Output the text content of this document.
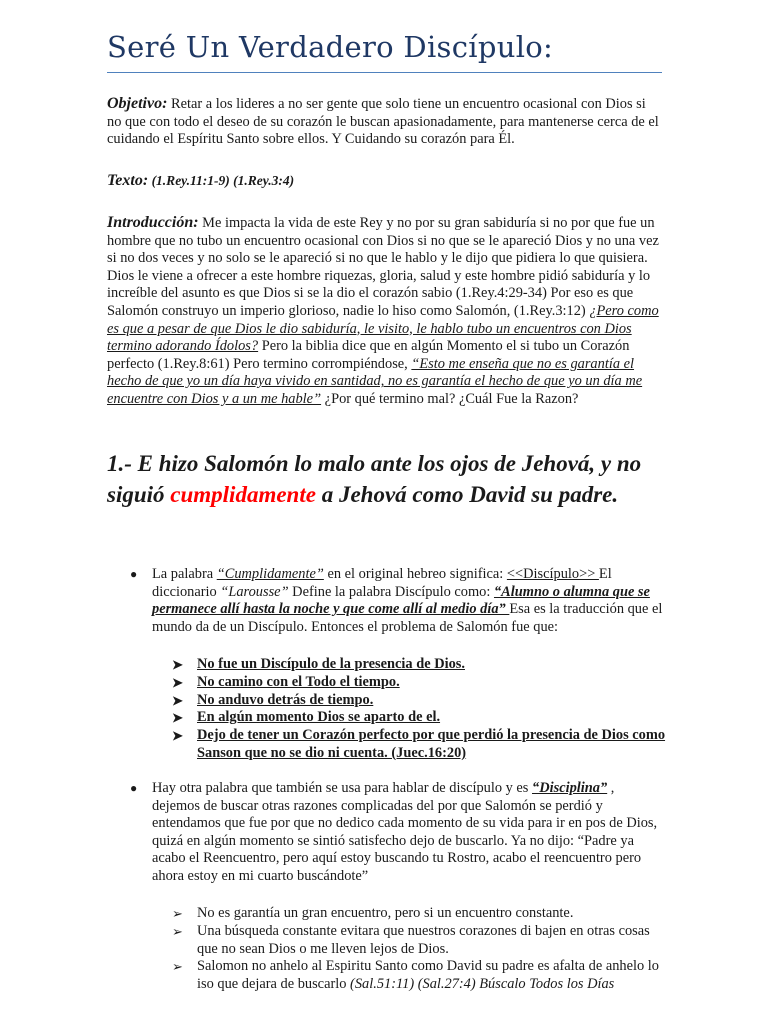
Seré Un Verdadero Discípulo:
Objetivo: Retar a los lideres a no ser gente que solo tiene un encuentro ocasional con Dios si no que con todo el deseo de su corazón le buscan apasionadamente, para mantenerse cerca de el cuidando el Espíritu Santo sobre ellos. Y Cuidando su corazón para Él.
Texto: (1.Rey.11:1-9) (1.Rey.3:4)
Introducción: Me impacta la vida de este Rey y no por su gran sabiduría si no por que fue un hombre que no tubo un encuentro ocasional con Dios si no que se le apareció Dios y no una vez si no dos veces y no solo se le apareció si no que le hablo y le dijo que pidiera lo que quisiera. Dios le viene a ofrecer a este hombre riquezas, gloria, salud y este hombre pidió sabiduría y lo increíble del asunto es que Dios si se la dio el corazón sabio (1.Rey.4:29-34) Por eso es que Salomón construyo un imperio glorioso, nadie lo hiso como Salomón, (1.Rey.3:12) ¿Pero como es que a pesar de que Dios le dio sabiduría, le visito, le hablo tubo un encuentros con Dios termino adorando Ídolos? Pero la biblia dice que en algún Momento el si tubo un Corazón perfecto (1.Rey.8:61) Pero termino corrompiéndose, “Esto me enseña que no es garantía el hecho de que yo un día haya vivido en santidad, no es garantía el hecho de que yo un día me encuentre con Dios y a un me hable” ¿Por qué termino mal? ¿Cuál Fue la Razon?
1.- E hizo Salomón lo malo ante los ojos de Jehová, y no siguió cumplidamente a Jehová como David su padre.
● La palabra “Cumplidamente” en el original hebreo significa: <<Discípulo>> El diccionario “Larousse” Define la palabra Discípulo como: “Alumno o alumna que se permanece allí hasta la noche y que come allí al medio día” Esa es la traducción que el mundo da de un Discípulo. Entonces el problema de Salomón fue que:
➤ No fue un Discípulo de la presencia de Dios.
➤ No camino con el Todo el tiempo.
➤ No anduvo detrás de tiempo.
➤ En algún momento Dios se aparto de el.
➤ Dejo de tener un Corazón perfecto por que perdió la presencia de Dios como Sanson que no se dio ni cuenta. (Juec.16:20)
● Hay otra palabra que también se usa para hablar de discípulo y es “Disciplina” , dejemos de buscar otras razones complicadas del por que Salomón se perdió y entendamos que fue por que no dedico cada momento de su vida para ir en pos de Dios, quizá en algún momento se sintió satisfecho dejo de buscarlo. Ya no dijo: “Padre ya acabo el Reencuentro, pero aquí estoy buscando tu Rostro, acabo el reencuentro pero ahora estoy en mi cuarto buscándote”
➢ No es garantía un gran encuentro, pero si un encuentro constante.
➢ Una búsqueda constante evitara que nuestros corazones di bajen en otras cosas que no sean Dios o me lleven lejos de Dios.
➢ Salomon no anhelo al Espiritu Santo como David su padre es afalta de anhelo lo iso que dejara de buscarlo (Sal.51:11) (Sal.27:4) Búscalo Todos los Días
